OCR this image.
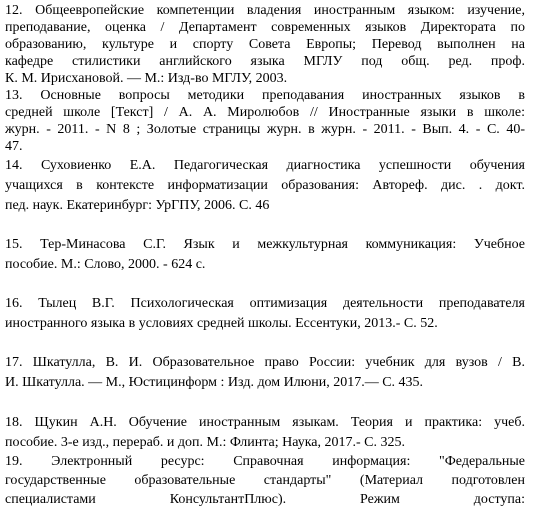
12. Общеевропейские компетенции владения иностранным языком: изучение,
преподавание, оценка / Департамент современных языков Директората по
образованию, культуре и спорту Совета Европы; Перевод выполнен на
кафедре стилистики английского языка МГЛУ под общ. ред. проф.
К. М. Ирисхановой. — М.: Изд-во МГЛУ, 2003.
13. Основные вопросы методики преподавания иностранных языков в
средней школе [Текст] / А. А. Миролюбов // Иностранные языки в школе:
журн. - 2011. - N 8 ; Золотые страницы журн. в журн. - 2011. - Вып. 4. - С. 40-
47.
14. Суховиенко Е.А. Педагогическая диагностика успешности обучения
учащихся в контексте информатизации образования: Автореф. дис. . докт.
пед. наук. Екатеринбург: УрГПУ, 2006. С. 46
15. Тер-Минасова С.Г. Язык и межкультурная коммуникация: Учебное
пособие. М.: Слово, 2000. - 624 с.
16. Тылец В.Г. Психологическая оптимизация деятельности преподавателя
иностранного языка в условиях средней школы. Ессентуки, 2013.- С. 52.
17. Шкатулла, В. И. Образовательное право России: учебник для вузов / В.
И. Шкатулла. — М., Юстицинформ : Изд. дом Илюни, 2017.— С. 435.
18. Щукин А.Н. Обучение иностранным языкам. Теория и практика: учеб.
пособие. 3-е изд., перераб. и доп. М.: Флинта; Наука, 2017.- С. 325.
19. Электронный ресурс: Справочная информация: "Федеральные
государственные образовательные стандарты" (Материал подготовлен
специалистами КонсультантПлюс). Режим доступа:
